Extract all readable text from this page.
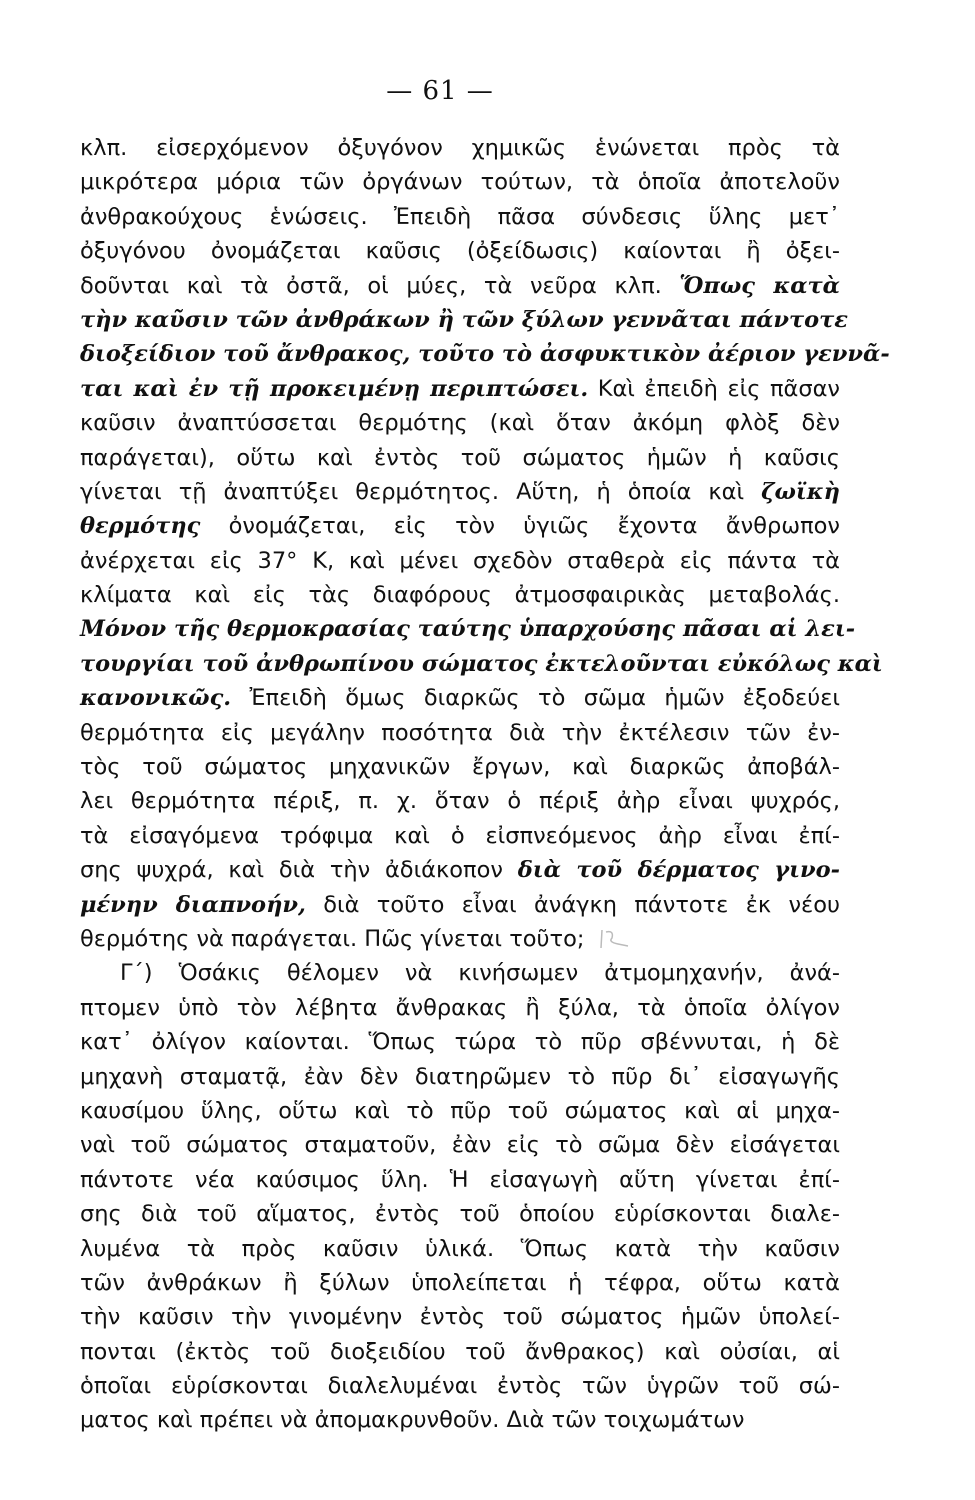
— 61 —
κλπ. εἰσερχόμενον ὀξυγόνον χημικῶς ἑνώνεται πρὸς τὰ
μικρότερα μόρια τῶν ὀργάνων τούτων, τὰ ὁποῖα ἀποτελοῦν
ἀνθρακούχους ἑνώσεις. Ἐπειδὴ πᾶσα σύνδεσις ὕλης μετ᾽
ὀξυγόνου ὀνομάζεται καῦσις (ὀξείδωσις) καίονται ἢ ὀξει-
δοῦνται καὶ τὰ ὀστᾶ, οἱ μύες, τὰ νεῦρα κλπ. Ὅπως κατὰ
τὴν καῦσιν τῶν ἀνθράκων ἢ τῶν ξύλων γεννᾶται πάντοτε
διοξείδιον τοῦ ἄνθρακος, τοῦτο τὸ ἀσφυκτικὸν ἀέριον γεννᾶ-
ται καὶ ἐν τῇ προκειμένῃ περιπτώσει. Καὶ ἐπειδὴ εἰς πᾶσαν
καῦσιν ἀναπτύσσεται θερμότης (καὶ ὅταν ἀκόμη φλὸξ δὲν
παράγεται), οὕτω καὶ ἐντὸς τοῦ σώματος ἡμῶν ἡ καῦσις
γίνεται τῇ ἀναπτύξει θερμότητος. Αὕτη, ἡ ὁποία καὶ ζωϊκὴ
θερμότης ὀνομάζεται, εἰς τὸν ὑγιῶς ἔχοντα ἄνθρωπον
ἀνέρχεται εἰς 37° Κ, καὶ μένει σχεδὸν σταθερὰ εἰς πάντα τὰ
κλίματα καὶ εἰς τὰς διαφόρους ἀτμοσφαιρικὰς μεταβολάς.
Μόνον τῆς θερμοκρασίας ταύτης ὑπαρχούσης πᾶσαι αἱ λει-
τουργίαι τοῦ ἀνθρωπίνου σώματος ἐκτελοῦνται εὐκόλως καὶ
κανονικῶς. Ἐπειδὴ ὅμως διαρκῶς τὸ σῶμα ἡμῶν ἐξοδεύει
θερμότητα εἰς μεγάλην ποσότητα διὰ τὴν ἐκτέλεσιν τῶν ἐν-
τὸς τοῦ σώματος μηχανικῶν ἔργων, καὶ διαρκῶς ἀποβάλ-
λει θερμότητα πέριξ, π. χ. ὅταν ὁ πέριξ ἀὴρ εἶναι ψυχρός,
τὰ εἰσαγόμενα τρόφιμα καὶ ὁ εἰσπνεόμενος ἀὴρ εἶναι ἐπί-
σης ψυχρά, καὶ διὰ τὴν ἀδιάκοπον διὰ τοῦ δέρματος γινο-
μένην διαπνοήν, διὰ τοῦτο εἶναι ἀνάγκη πάντοτε ἐκ νέου
θερμότης νὰ παράγεται. Πῶς γίνεται τοῦτο;
Γ΄) Ὁσάκις θέλομεν νὰ κινήσωμεν ἀτμομηχανήν, ἀνά-
πτομεν ὑπὸ τὸν λέβητα ἄνθρακας ἢ ξύλα, τὰ ὁποῖα ὀλίγον
κατ᾽ ὀλίγον καίονται. Ὅπως τώρα τὸ πῦρ σβέννυται, ἡ δὲ
μηχανὴ σταματᾷ, ἐὰν δὲν διατηρῶμεν τὸ πῦρ δι᾽ εἰσαγωγῆς
καυσίμου ὕλης, οὕτω καὶ τὸ πῦρ τοῦ σώματος καὶ αἱ μηχα-
ναὶ τοῦ σώματος σταματοῦν, ἐὰν εἰς τὸ σῶμα δὲν εἰσάγεται
πάντοτε νέα καύσιμος ὕλη. Ἡ εἰσαγωγὴ αὕτη γίνεται ἐπί-
σης διὰ τοῦ αἵματος, ἐντὸς τοῦ ὁποίου εὑρίσκονται διαλε-
λυμένα τὰ πρὸς καῦσιν ὑλικά. Ὅπως κατὰ τὴν καῦσιν
τῶν ἀνθράκων ἢ ξύλων ὑπολείπεται ἡ τέφρα, οὕτω κατὰ
τὴν καῦσιν τὴν γινομένην ἐντὸς τοῦ σώματος ἡμῶν ὑπολεί-
πονται (ἐκτὸς τοῦ διοξειδίου τοῦ ἄνθρακος) καὶ οὐσίαι, αἱ
ὁποῖαι εὑρίσκονται διαλελυμέναι ἐντὸς τῶν ὑγρῶν τοῦ σώ-
ματος καὶ πρέπει νὰ ἀπομακρυνθοῦν. Διὰ τῶν τοιχωμάτων
